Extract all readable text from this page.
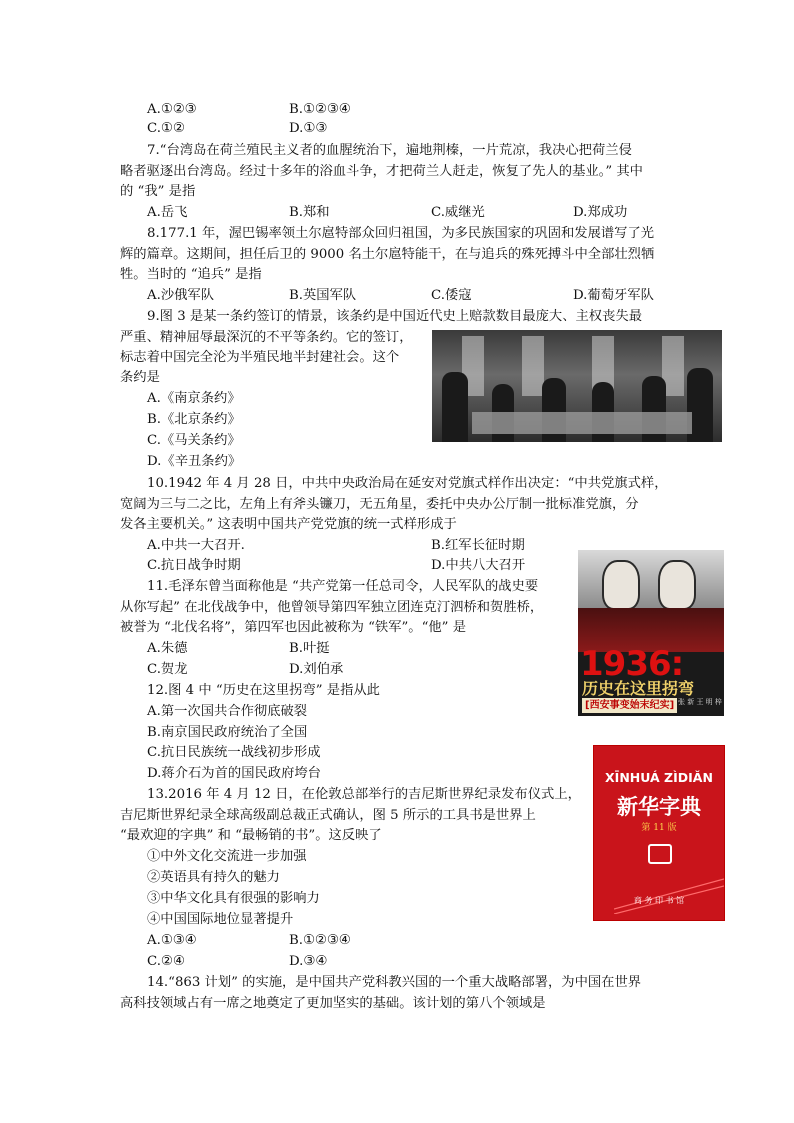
A.①②③	B.①②③④
C.①②	D.①③
7.“台湾岛在荷兰殖民主义者的血腥统治下，遍地荆榛，一片荒凉，我决心把荷兰侵
略者驱逐出台湾岛。经过十多年的浴血斗争，才把荷兰人赶走，恢复了先人的基业。” 其中
的 “我” 是指
A.岳飞	B.郑和	C.威继光	D.郑成功
8.177.1 年，渥巴锡率领土尔扈特部众回归祖国，为多民族国家的巩固和发展谱写了光
辉的篇章。这期间，担任后卫的 9000 名土尔扈特能干，在与追兵的殊死搏斗中全部壮烈牺
牲。当时的 “追兵” 是指
A.沙俄军队	B.英国军队	C.倭寇	D.葡萄牙军队
9.图 3 是某一条约签订的情景，该条约是中国近代史上赔款数目最庞大、主权丧失最
严重、精神屈辱最深沉的不平等条约。它的签订，
标志着中国完全沦为半殖民地半封建社会。这个
条约是
A.《南京条约》
B.《北京条约》
C.《马关条约》
D.《辛丑条约》
10.1942 年 4 月 28 日，中共中央政治局在延安对党旗式样作出决定：“中共党旗式样，
宽阔为三与二之比，左角上有斧头镰刀，无五角星，委托中央办公厅制一批标准党旗，分
发各主要机关。” 这表明中国共产党党旗的统一式样形成于
A.中共一大召开.	B.红军长征时期
C.抗日战争时期	D.中共八大召开
11.毛泽东曾当面称他是 “共产党第一任总司令，人民军队的战史要
从你写起” 在北伐战争中，他曾领导第四军独立团连克汀泗桥和贺胜桥，
被誉为 “北伐名将”，第四军也因此被称为 “铁军”。“他” 是
A.朱德	B.叶挺
C.贺龙	D.刘伯承	1936:
历史在这里拐弯
[西安事变始末纪实] 张 新 王 明 梓
12.图 4 中 “历史在这里拐弯” 是指从此
A.第一次国共合作彻底破裂
B.南京国民政府统治了全国
C.抗日民族统一战线初步形成
D.蒋介石为首的国民政府垮台	XĪNHUÁ ZÌDIǍN
新华字典
第 11 版
商 务 印 书 馆
13.2016 年 4 月 12 日，在伦敦总部举行的吉尼斯世界纪录发布仪式上，
吉尼斯世界纪录全球高级副总裁正式确认，图 5 所示的工具书是世界上
“最欢迎的字典” 和 “最畅销的书”。这反映了
①中外文化交流进一步加强
②英语具有持久的魅力
③中华文化具有很强的影响力
④中国国际地位显著提升
A.①③④	B.①②③④
C.②④	D.③④
14.“863 计划” 的实施，是中国共产党科教兴国的一个重大战略部署，为中国在世界
高科技领域占有一席之地奠定了更加坚实的基础。该计划的第八个领域是
